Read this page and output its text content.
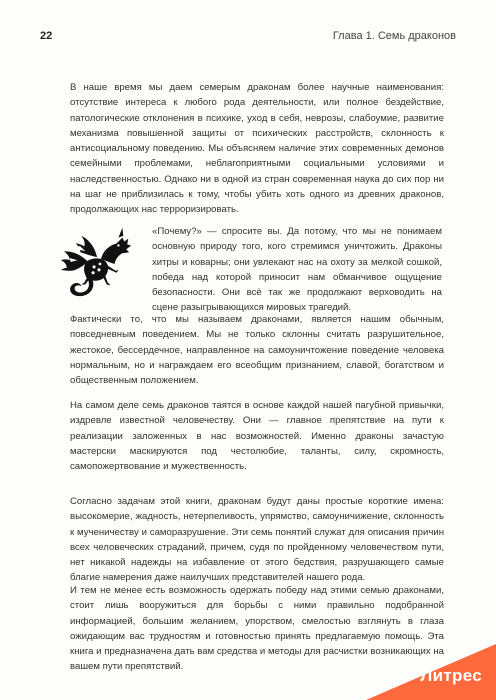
22	Глава 1. Семь драконов

В наше время мы даем семерым драконам более научные наименования: отсутствие интереса к любого рода деятельности, или полное бездействие, патологические отклонения в психике, уход в себя, неврозы, слабоумие, развитие механизма повышенной защиты от психических расстройств, склонность к антисоциальному поведению. Мы объясняем наличие этих современных демонов семейными проблемами, неблагоприятными социальными условиями и наследственностью. Однако ни в одной из стран современная наука до сих пор ни на шаг не приблизилась к тому, чтобы убить хоть одного из древних драконов, продолжающих нас терроризировать.

«Почему?» — спросите вы. Да потому, что мы не понимаем основную природу того, кого стремимся уничтожить. Драконы хитры и коварны; они увлекают нас на охоту за мелкой сошкой, победа над которой приносит нам обманчивое ощущение безопасности. Они всё так же продолжают верховодить на сцене разыгрывающихся мировых трагедий.

Фактически то, что мы называем драконами, является нашим обычным, повседневным поведением. Мы не только склонны считать разрушительное, жестокое, бессердечное, направленное на самоуничтожение поведение человека нормальным, но и награждаем его всеобщим признанием, славой, богатством и общественным положением.

На самом деле семь драконов таятся в основе каждой нашей пагубной привычки, издревле известной человечеству. Они — главное препятствие на пути к реализации заложенных в нас возможностей. Именно драконы зачастую мастерски маскируются под честолюбие, таланты, силу, скромность, самопожертвование и мужественность.

Согласно задачам этой книги, драконам будут даны простые короткие имена: высокомерие, жадность, нетерпеливость, упрямство, самоуничижение, склонность к мученичеству и саморазрушение. Эти семь понятий служат для описания причин всех человеческих страданий, причем, судя по пройденному человечеством пути, нет никакой надежды на избавление от этого бедствия, разрушающего самые благие намерения даже наилучших представителей нашего рода.

И тем не менее есть возможность одержать победу над этими семью драконами, стоит лишь вооружиться для борьбы с ними правильно подобранной информацией, большим желанием, упорством, смелостью взглянуть в глаза ожидающим вас трудностям и готовностью принять предлагаемую помощь. Эта книга и предназначена дать вам средства и методы для расчистки возникающих на вашем пути препятствий.	Литрес
